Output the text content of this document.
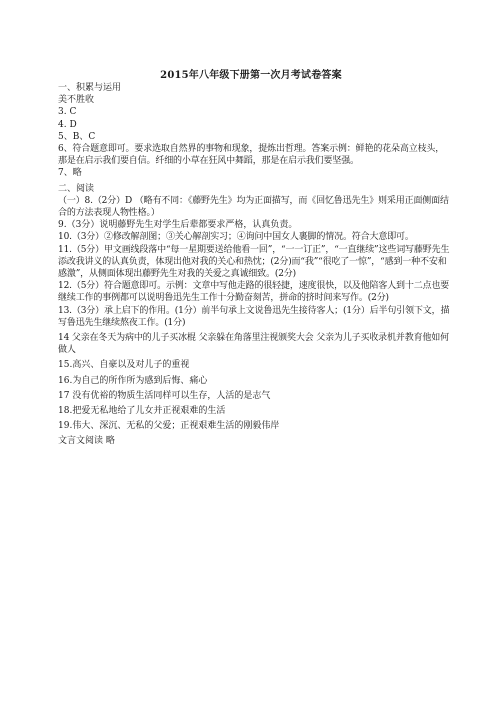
2015年八年级下册第一次月考试卷答案
一、积累与运用
美不胜收
3. C
4. D
5、B、C
6、符合题意即可。要求选取自然界的事物和现象，提炼出哲理。答案示例：鲜艳的花朵高立枝头，那是在启示我们要自信。纤细的小草在狂风中舞蹈，那是在启示我们要坚强。
7、略
二、阅读
（一）8.（2分）D （略有不同：《藤野先生》均为正面描写，而《回忆鲁迅先生》则采用正面侧面结合的方法表现人物性格。）
9.（3分）说明藤野先生对学生后辈都要求严格，认真负责。
10.（3分）②修改解剖图；③关心解剖实习；④询问中国女人裹脚的情况。符合大意即可。
11.（5分）甲文画线段落中“每一星期要送给他看一回”，“一一订正”，“一直继续”这些词写藤野先生添改我讲义的认真负责，体现出他对我的关心和热忱；(2分)而“我”“很吃了一惊”，“感到一种不安和感激”，从侧面体现出藤野先生对我的关爱之真诚细致。(2分)
12.（5分）符合题意即可。示例：文章中写他走路的很轻捷，速度很快，以及他陪客人到十二点也要继续工作的事例都可以说明鲁迅先生工作十分勤奋刻苦，拼命的挤时间来写作。(2分)
13.（3分）承上启下的作用。(1分）前半句承上文说鲁迅先生接待客人；(1分）后半句引领下文，描写鲁迅先生继续熬夜工作。(1分)
14 父亲在冬天为病中的儿子买冰棍 父亲躲在角落里注视颁奖大会 父亲为儿子买收录机并教育他如何做人
15.高兴、自豪以及对儿子的重视
16.为自己的所作所为感到后悔、痛心
17 没有优裕的物质生活同样可以生存，人活的是志气
18.把爱无私地给了儿女并正视艰难的生活
19.伟大、深沉、无私的父爱；正视艰难生活的刚毅伟岸
文言文阅读 略
